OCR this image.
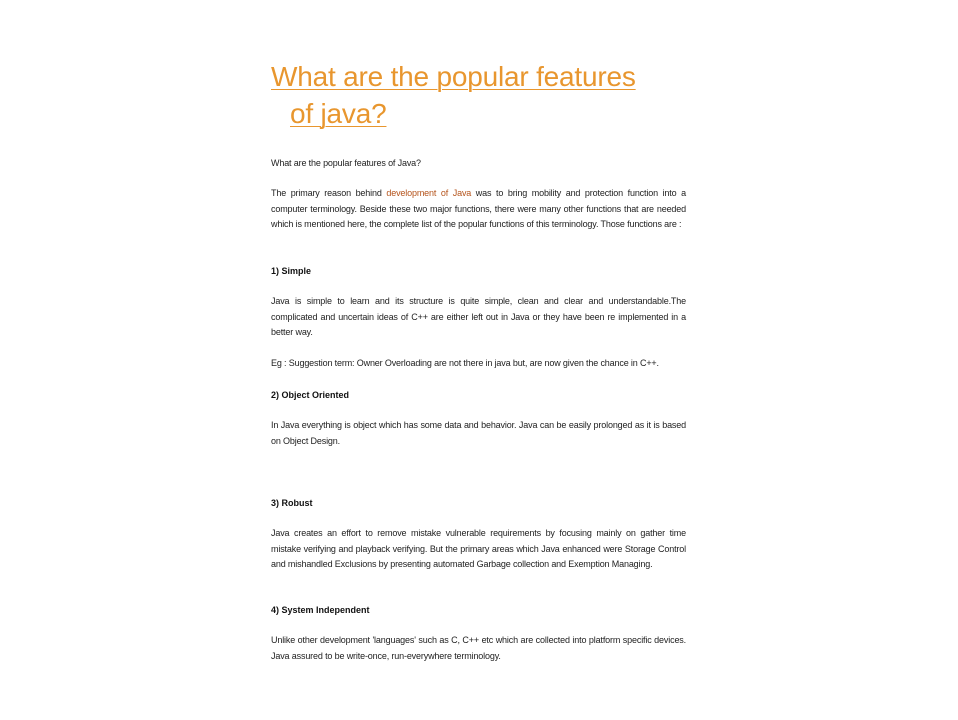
What are the popular features
of java?

What are the popular features of Java?

The primary reason behind development of Java was to bring mobility and protection function into a computer terminology. Beside these two major functions, there were many other functions that are needed which is mentioned here, the complete list of the popular functions of this terminology. Those functions are :

1) Simple

Java is simple to learn and its structure is quite simple, clean and clear and understandable.The complicated and uncertain ideas of C++ are either left out in Java or they have been re implemented in a better way.

Eg : Suggestion term: Owner Overloading are not there in java but, are now given the chance in C++.

2) Object Oriented

In Java everything is object which has some data and behavior. Java can be easily prolonged as it is based on Object Design.

3) Robust

Java creates an effort to remove mistake vulnerable requirements by focusing mainly on gather time mistake verifying and playback verifying. But the primary areas which Java enhanced were Storage Control and mishandled Exclusions by presenting automated Garbage collection and Exemption Managing.

4) System Independent

Unlike other development 'languages' such as C, C++ etc which are collected into platform specific devices. Java assured to be write-once, run-everywhere terminology.
